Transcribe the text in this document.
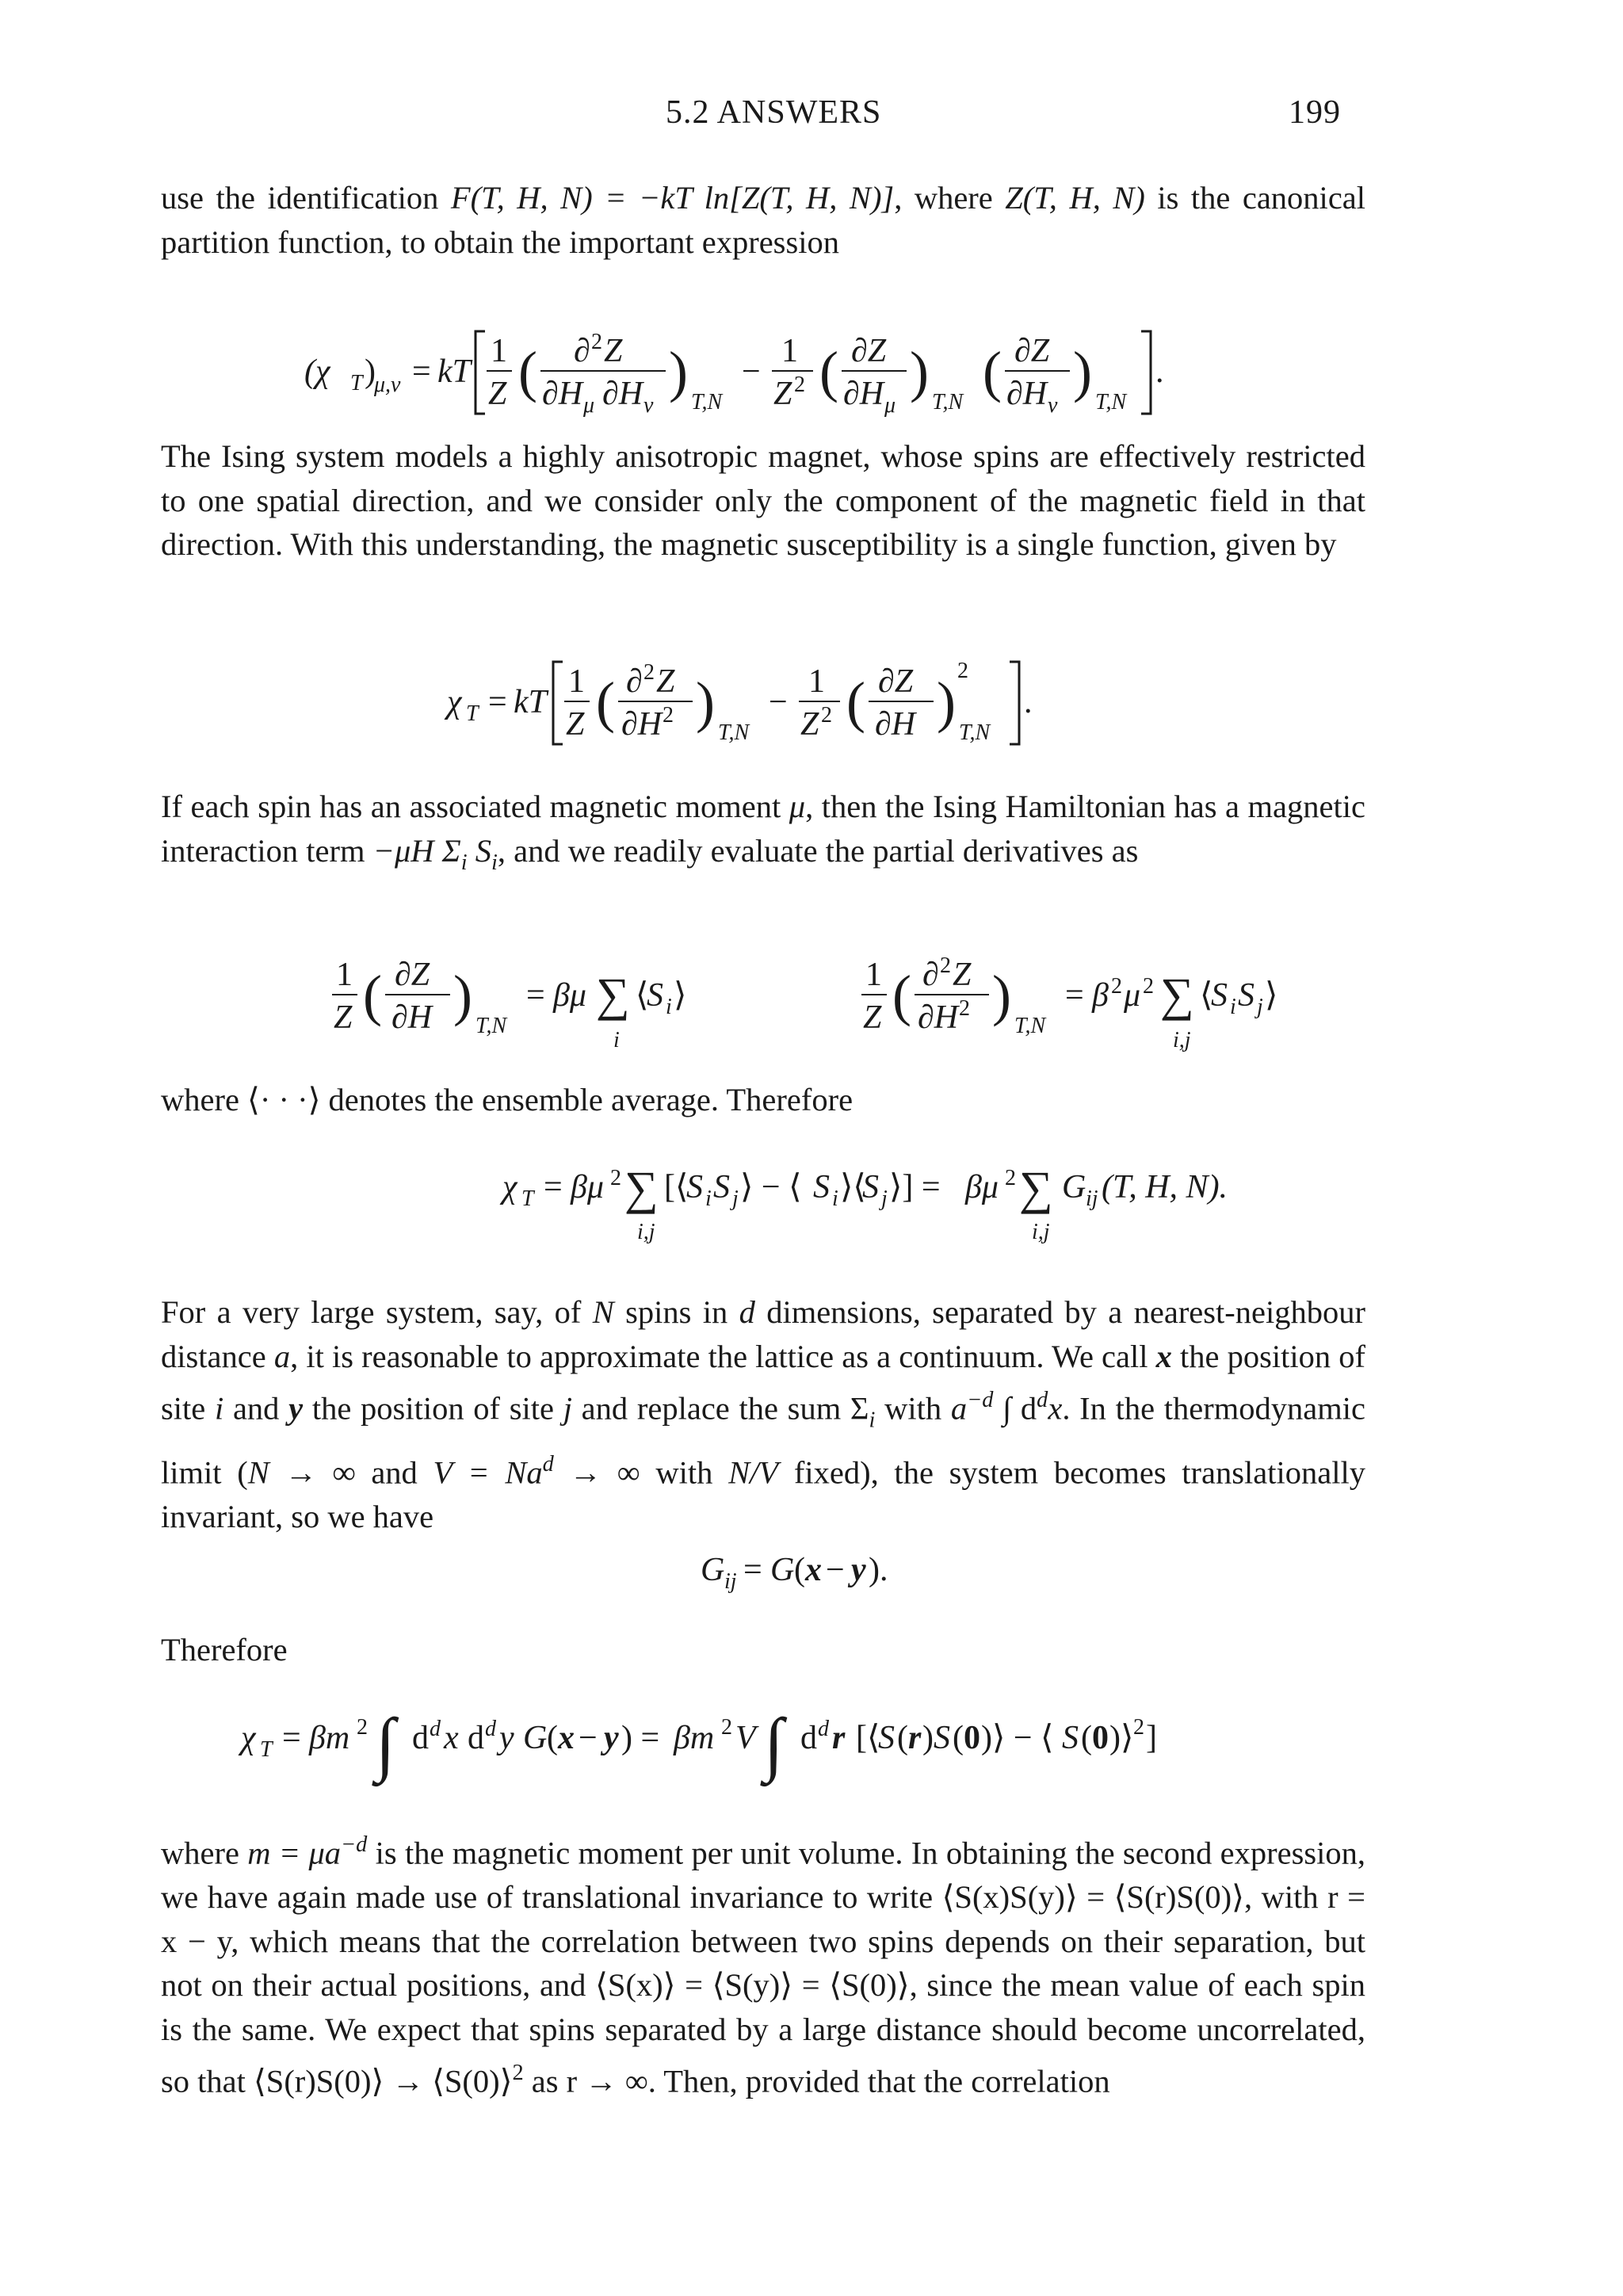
5.2 ANSWERS	199

use the identification F(T, H, N) = −kT ln[Z(T, H, N)], where Z(T, H, N) is the canonical partition function, to obtain the important expression

(χ T )
μ,ν = kT
1
Z ( ∂ 2 Z
∂H μ ∂H ν
) T,N
−
1
Z 2 ( ∂Z
∂H μ
) T,N ( ∂Z
∂H ν
) T,N
.

The Ising system models a highly anisotropic magnet, whose spins are effectively restricted to one spatial direction, and we consider only the component of the magnetic field in that direction. With this understanding, the magnetic susceptibility is a single function, given by

χ T = kT
1
Z ( ∂ 2 Z
∂H 2 ) T,N
−
1
Z 2 ( ∂Z
∂H ) 2
T,N
.

If each spin has an associated magnetic moment μ, then the Ising Hamiltonian has a magnetic interaction term −μH $\Sigma_i$ $S_i$, and we readily evaluate the partial derivatives as

1
Z ( ∂Z
∂H ) T,N
= βμ ∑
i
⟨
S i ⟩
1
Z ( ∂ 2 Z
∂H 2 ) T,N
= β 2 μ 2 ∑
i,j
⟨
S i S j ⟩

where ⟨· · ·⟩ denotes the ensemble average. Therefore

χ T = βμ 2 ∑
i,j
[⟨
S i S j ⟩ − ⟨ S i ⟩⟨
S j ⟩] = βμ 2 ∑
i,j
G ij (T, H, N).

For a very large system, say, of N spins in d dimensions, separated by a nearest-neighbour distance a, it is reasonable to approximate the lattice as a continuum. We call x the position of site i and y the position of site j and replace the sum $\Sigma_i$ with $a^{-d}$ ∫ $d^dx$. In the thermodynamic limit (N → ∞ and $V = Na^d$ → ∞ with N/V fixed), the system becomes translationally invariant, so we have

G ij = G ( x − y ).
Therefore
χ T = βm 2 ∫ d d x d d y G ( x − y ) = βm 2 V ∫ d d r [⟨
S ( r ) S ( 0 )⟩ − ⟨ S ( 0 )⟩ 2 ]

where $m = \mu a^{-d}$ is the magnetic moment per unit volume. In obtaining the second expression, we have again made use of translational invariance to write ⟨S(x)S(y)⟩ = ⟨S(r)S(0)⟩, with r = x − y, which means that the correlation between two spins depends on their separation, but not on their actual positions, and ⟨S(x)⟩ = ⟨S(y)⟩ = ⟨S(0)⟩, since the mean value of each spin is the same. We expect that spins separated by a large distance should become uncorrelated, so that ⟨S(r)S(0)⟩ → ⟨S(0)⟩$^2$ as r → ∞. Then, provided that the correlation
